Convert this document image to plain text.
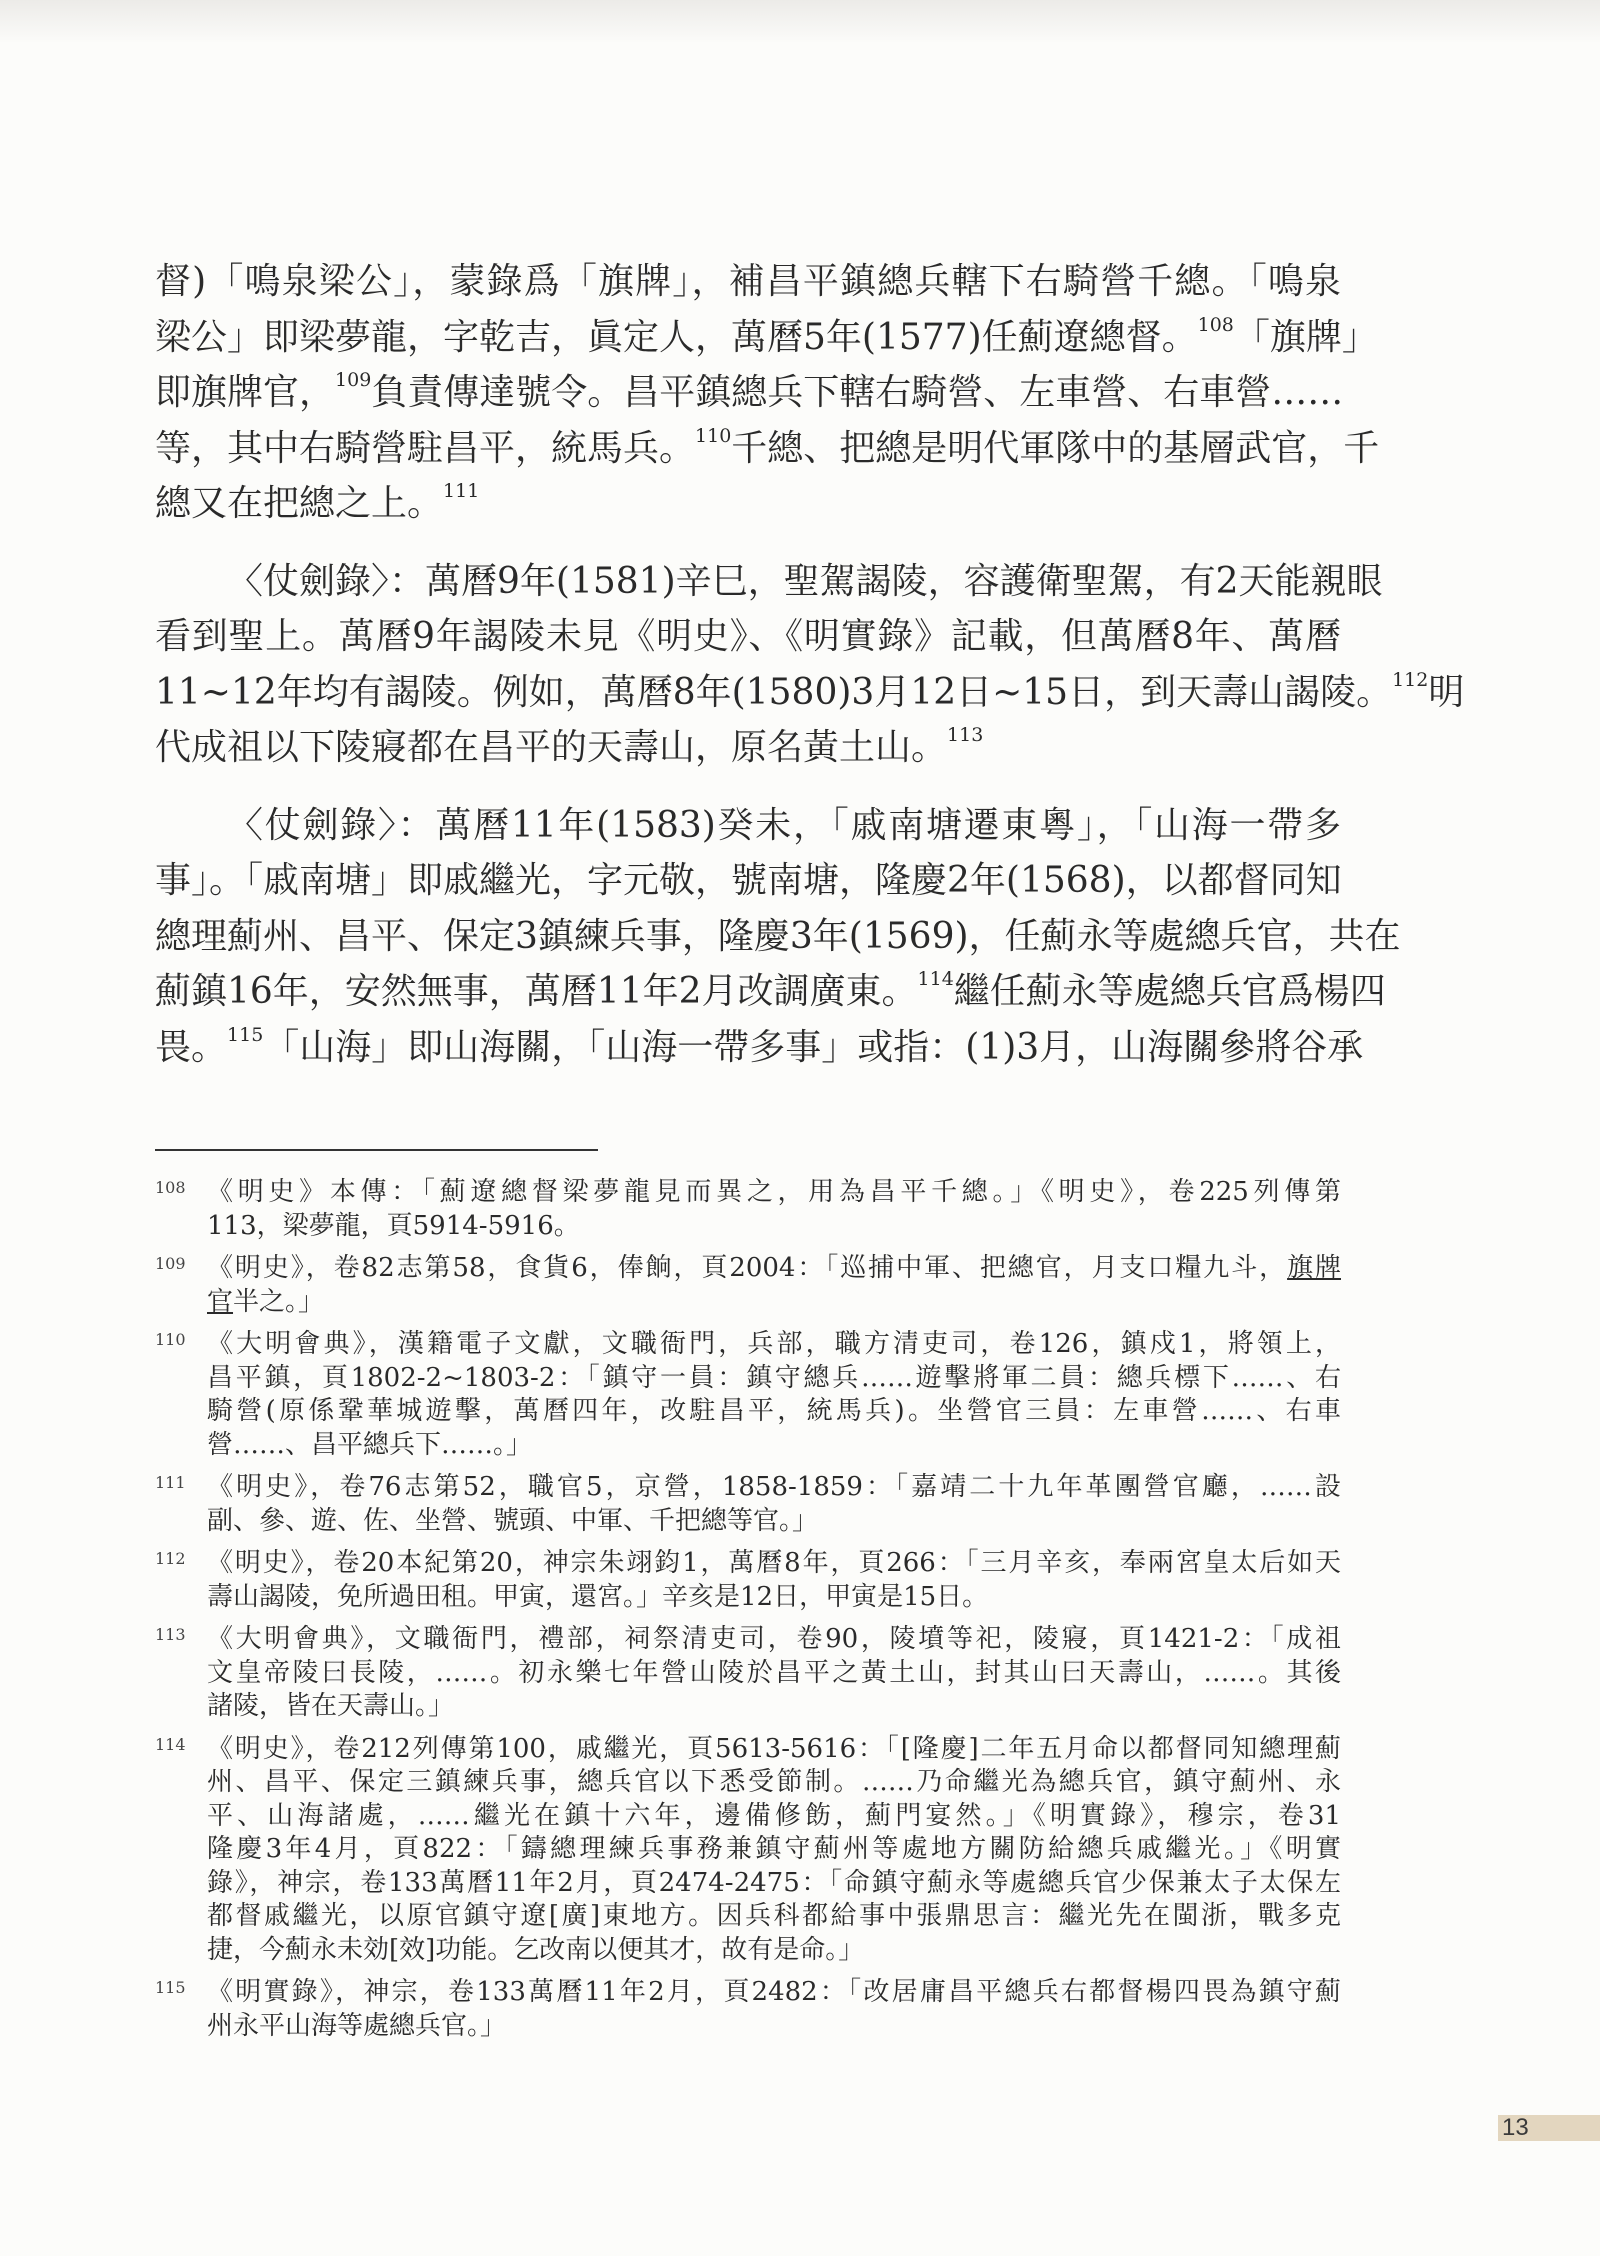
督)「鳴泉梁公」，蒙錄爲「旗牌」，補昌平鎮總兵轄下右騎營千總。「鳴泉
梁公」即梁夢龍，字乾吉，眞定人，萬曆5年(1577)任薊遼總督。$^{108}$「旗牌」
即旗牌官，$^{109}$負責傳達號令。昌平鎮總兵下轄右騎營、左車營、右車營……
等，其中右騎營駐昌平，統馬兵。$^{110}$千總、把總是明代軍隊中的基層武官，千
總又在把總之上。$^{111}$
〈仗劍錄〉：萬曆9年(1581)辛巳，聖駕謁陵，容護衛聖駕，有2天能親眼
看到聖上。萬曆9年謁陵未見《明史》、《明實錄》記載，但萬曆8年、萬曆
11~12年均有謁陵。例如，萬曆8年(1580)3月12日~15日，到天壽山謁陵。$^{112}$明
代成祖以下陵寢都在昌平的天壽山，原名黃土山。$^{113}$
〈仗劍錄〉：萬曆11年(1583)癸未，「戚南塘遷東粵」，「山海一帶多
事」。「戚南塘」即戚繼光，字元敬，號南塘，隆慶2年(1568)，以都督同知
總理薊州、昌平、保定3鎮練兵事，隆慶3年(1569)，任薊永等處總兵官，共在
薊鎮16年，安然無事，萬曆11年2月改調廣東。$^{114}$繼任薊永等處總兵官爲楊四
畏。$^{115}$「山海」即山海關，「山海一帶多事」或指：(1)3月，山海關參將谷承
108 《明史》本傳：「薊遼總督梁夢龍見而異之，用為昌平千總。」《明史》，卷225列傳第
113，梁夢龍，頁5914-5916。
109 《明史》，卷82志第58，食貨6，俸餉，頁2004：「巡捕中軍、把總官，月支口糧九斗，旗牌
官半之。」
110 《大明會典》，漢籍電子文獻，文職衙門，兵部，職方清吏司，卷126，鎮戍1，將領上，
昌平鎮，頁1802-2~1803-2：「鎮守一員：鎮守總兵……遊擊將軍二員：總兵標下……、右
騎營(原係鞏華城遊擊，萬曆四年，改駐昌平，統馬兵)。坐營官三員：左車營……、右車
營……、昌平總兵下……。」
111 《明史》，卷76志第52，職官5，京營，1858-1859：「嘉靖二十九年革團營官廳，……設
副、參、遊、佐、坐營、號頭、中軍、千把總等官。」
112 《明史》，卷20本紀第20，神宗朱翊鈞1，萬曆8年，頁266：「三月辛亥，奉兩宮皇太后如天
壽山謁陵，免所過田租。甲寅，還宮。」辛亥是12日，甲寅是15日。
113 《大明會典》，文職衙門，禮部，祠祭清吏司，卷90，陵墳等祀，陵寢，頁1421-2：「成祖
文皇帝陵曰長陵，……。初永樂七年營山陵於昌平之黃土山，封其山曰天壽山，……。其後
諸陵，皆在天壽山。」
114 《明史》，卷212列傳第100，戚繼光，頁5613-5616：「[隆慶]二年五月命以都督同知總理薊
州、昌平、保定三鎮練兵事，總兵官以下悉受節制。……乃命繼光為總兵官，鎮守薊州、永
平、山海諸處，……繼光在鎮十六年，邊備修飭，薊門宴然。」《明實錄》，穆宗，卷31
隆慶3年4月，頁822：「鑄總理練兵事務兼鎮守薊州等處地方關防給總兵戚繼光。」《明實
錄》，神宗，卷133萬曆11年2月，頁2474-2475：「命鎮守薊永等處總兵官少保兼太子太保左
都督戚繼光，以原官鎮守遼[廣]東地方。因兵科都給事中張鼎思言：繼光先在閩浙，戰多克
捷，今薊永未効[效]功能。乞改南以便其才，故有是命。」
115 《明實錄》，神宗，卷133萬曆11年2月，頁2482：「改居庸昌平總兵右都督楊四畏為鎮守薊
州永平山海等處總兵官。」
13
